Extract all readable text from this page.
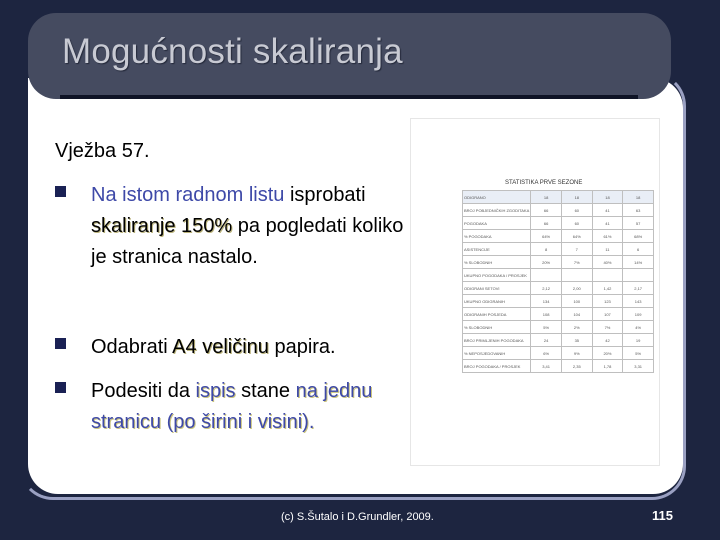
Mogućnosti skaliranja
Vježba 57.
Na istom radnom listu isprobati skaliranje 150% pa pogledati koliko je stranica nastalo.
Odabrati A4 veličinu papira.
Podesiti da ispis stane na jednu stranicu (po širini i visini).
STATISTIKA PRVE SEZONE
ODIGRANO	18	18	18	18
BROJ POBJEDNIČKIH ZGODITAKA	66	60	41	63
POGODAKA	66	60	41	57
% POGODAKA	64%	64%	61%	68%
ASISTENCIJE	8	7	11	6
% SLOBODNIH	20%	7%	40%	14%
UKUPNO POGODAKA / PROSJEK				
ODIGRANI SETOVI	2,12	2,00	1,42	2,17
UKUPNO ODIGRANIH	134	100	123	143
ODIGRANIH POSJEDA	108	104	107	109
% SLOBODNIH	5%	2%	7%	4%
BROJ PRIMLJENIH POGODAKA	24	35	42	19
% NEPOSJEDOVANIH	6%	9%	20%	5%
BROJ POGODAKA / PROSJEK	3,41	2,35	1,78	3,31
(c) S.Šutalo i D.Grundler, 2009.	115
